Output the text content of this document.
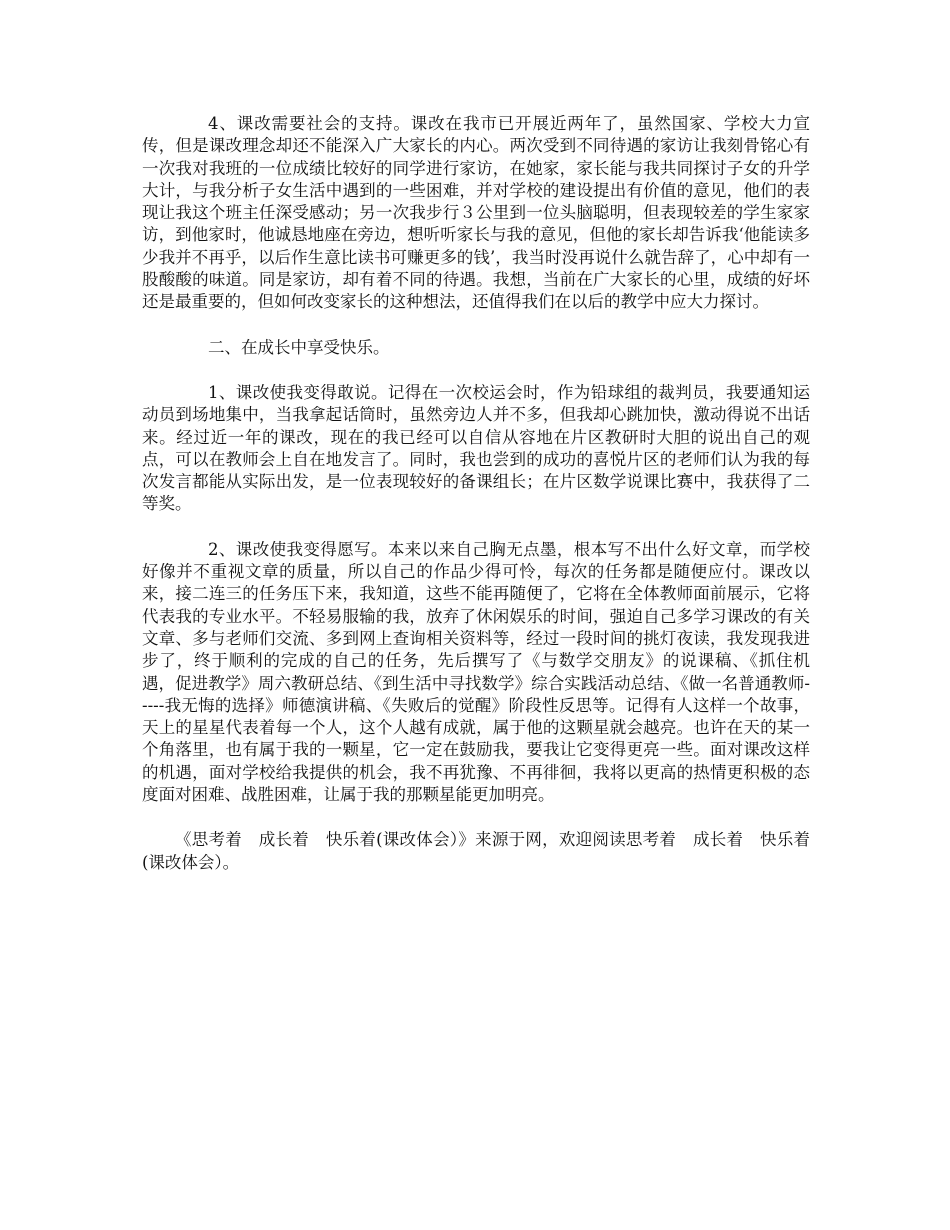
4、课改需要社会的支持。课改在我市已开展近两年了，虽然国家、学校大力宣传，但是课改理念却还不能深入广大家长的内心。两次受到不同待遇的家访让我刻骨铭心有一次我对我班的一位成绩比较好的同学进行家访，在她家，家长能与我共同探讨子女的升学大计，与我分析子女生活中遇到的一些困难，并对学校的建设提出有价值的意见，他们的表现让我这个班主任深受感动；另一次我步行３公里到一位头脑聪明，但表现较差的学生家家访，到他家时，他诚恳地座在旁边，想听听家长与我的意见，但他的家长却告诉我‘他能读多少我并不再乎，以后作生意比读书可赚更多的钱’，我当时没再说什么就告辞了，心中却有一股酸酸的味道。同是家访，却有着不同的待遇。我想，当前在广大家长的心里，成绩的好坏还是最重要的，但如何改变家长的这种想法，还值得我们在以后的教学中应大力探讨。

二、在成长中享受快乐。

1、课改使我变得敢说。记得在一次校运会时，作为铅球组的裁判员，我要通知运动员到场地集中，当我拿起话筒时，虽然旁边人并不多，但我却心跳加快，激动得说不出话来。经过近一年的课改，现在的我已经可以自信从容地在片区教研时大胆的说出自己的观点，可以在教师会上自在地发言了。同时，我也尝到的成功的喜悦片区的老师们认为我的每次发言都能从实际出发，是一位表现较好的备课组长；在片区数学说课比赛中，我获得了二等奖。

2、课改使我变得愿写。本来以来自己胸无点墨，根本写不出什么好文章，而学校好像并不重视文章的质量，所以自己的作品少得可怜，每次的任务都是随便应付。课改以来，接二连三的任务压下来，我知道，这些不能再随便了，它将在全体教师面前展示，它将代表我的专业水平。不轻易服输的我，放弃了休闲娱乐的时间，强迫自己多学习课改的有关文章、多与老师们交流、多到网上查询相关资料等，经过一段时间的挑灯夜读，我发现我进步了，终于顺利的完成的自己的任务，先后撰写了《与数学交朋友》的说课稿、《抓住机遇，促进教学》周六教研总结、《到生活中寻找数学》综合实践活动总结、《做一名普通教师-----我无悔的选择》师德演讲稿、《失败后的觉醒》阶段性反思等。记得有人这样一个故事，天上的星星代表着每一个人，这个人越有成就，属于他的这颗星就会越亮。也许在天的某一个角落里，也有属于我的一颗星，它一定在鼓励我，要我让它变得更亮一些。面对课改这样的机遇，面对学校给我提供的机会，我不再犹豫、不再徘徊，我将以更高的热情更积极的态度面对困难、战胜困难，让属于我的那颗星能更加明亮。

《思考着　成长着　快乐着(课改体会）》来源于网，欢迎阅读思考着　成长着　快乐着(课改体会）。
